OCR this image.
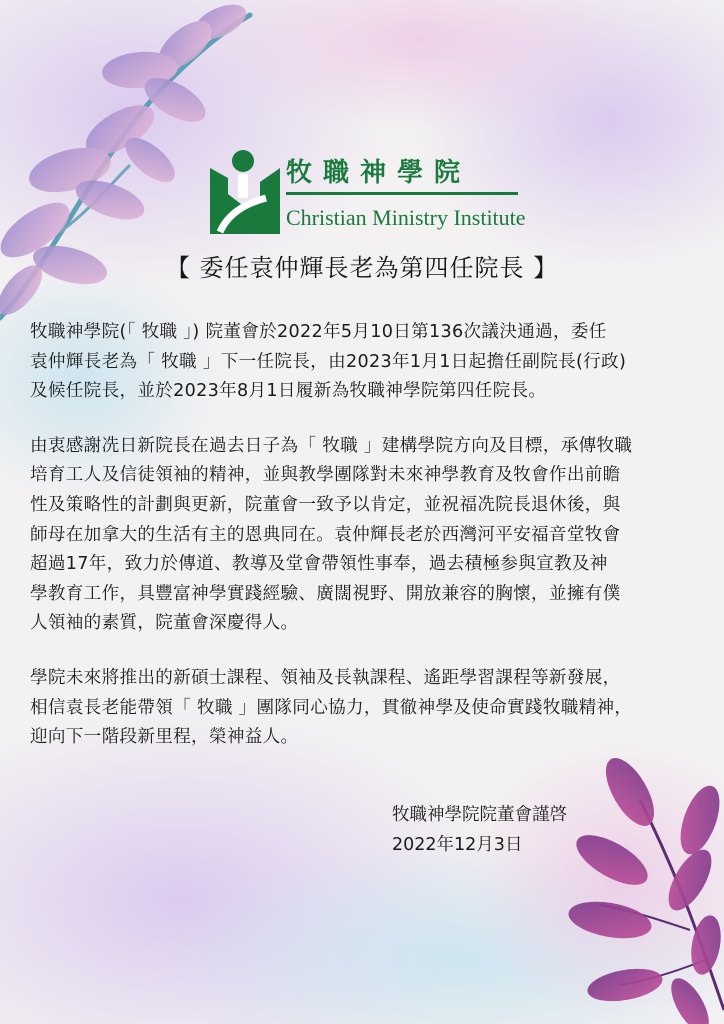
牧職神學院
Christian Ministry Institute
【 委任袁仲輝長老為第四任院長 】

牧職神學院(「 牧職 」) 院董會於2022年5月10日第136次議決通過，委任
袁仲輝長老為「 牧職 」下一任院長，由2023年1月1日起擔任副院長(行政)
及候任院長，並於2023年8月1日履新為牧職神學院第四任院長。

由衷感謝冼日新院長在過去日子為「 牧職 」建構學院方向及目標，承傳牧職
培育工人及信徒領袖的精神，並與教學團隊對未來神學教育及牧會作出前瞻
性及策略性的計劃與更新，院董會一致予以肯定，並祝福冼院長退休後，與
師母在加拿大的生活有主的恩典同在。袁仲輝長老於西灣河平安福音堂牧會
超過17年，致力於傳道、教導及堂會帶領性事奉，過去積極参與宣教及神
學教育工作，具豐富神學實踐經驗、廣闊視野、開放兼容的胸懷，並擁有僕
人領袖的素質，院董會深慶得人。

學院未來將推出的新碩士課程、領袖及長執課程、遙距學習課程等新發展，
相信袁長老能帶領「 牧職 」團隊同心協力，貫徹神學及使命實踐牧職精神，
迎向下一階段新里程，榮神益人。

牧職神學院院董會謹啓
2022年12月3日
